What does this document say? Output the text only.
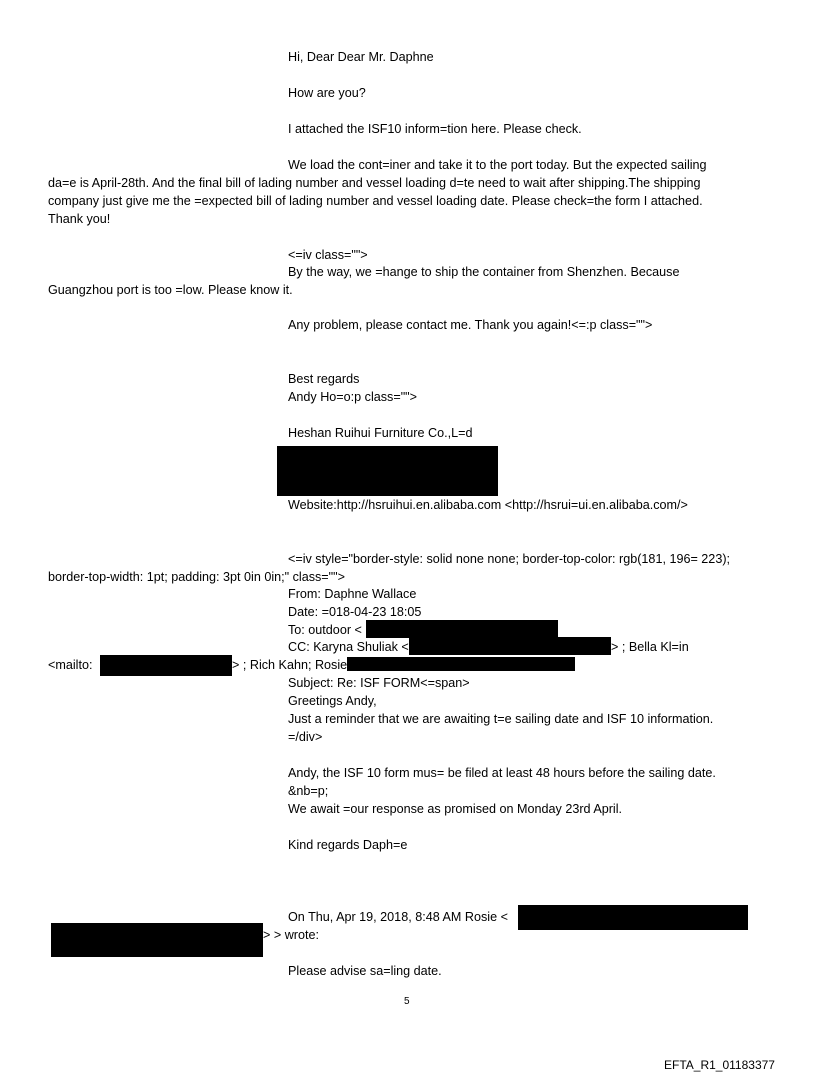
Hi, Dear Dear Mr. Daphne
How are you?
I attached the ISF10 inform=tion here. Please check.
We load the cont=iner and take it to the port today. But the expected sailing
da=e is April-28th. And the final bill of lading number and vessel loading d=te need to wait after shipping.The shipping
company just give me the =expected bill of lading number and vessel loading date. Please check=the form I attached.
Thank you!
<=iv class="">
By the way, we =hange to ship the container from Shenzhen. Because
Guangzhou port is too =low. Please know it.
Any problem, please contact me. Thank you again!<=:p class="">
Best regards
Andy Ho=o:p class="">
Heshan Ruihui Furniture Co.,L=d
Website:http://hsruihui.en.alibaba.com <http://hsrui=ui.en.alibaba.com/>
<=iv style="border-style: solid none none; border-top-color: rgb(181, 196= 223);
border-top-width: 1pt; padding: 3pt 0in 0in;" class="">
From: Daphne Wallace
Date: =018-04-23 18:05
To: outdoor <
CC: Karyna Shuliak <	> ; Bella Kl=in
<mailto:	> ; Rich Kahn; Rosie
Subject: Re: ISF FORM<=span>
Greetings Andy,
Just a reminder that we are awaiting t=e sailing date and ISF 10 information.
=/div>
Andy, the ISF 10 form mus= be filed at least 48 hours before the sailing date.
&nb=p;
We await =our response as promised on Monday 23rd April.
Kind regards Daph=e
On Thu, Apr 19, 2018, 8:48 AM Rosie <
> > wrote:
Please advise sa=ling date.
5
EFTA_R1_01183377
